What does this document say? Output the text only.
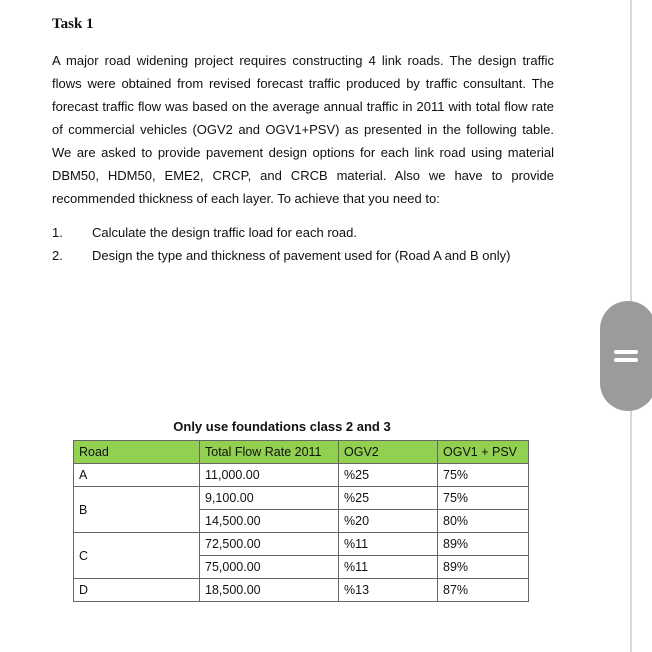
Task 1

A major road widening project requires constructing 4 link roads. The design traffic flows were obtained from revised forecast traffic produced by traffic consultant. The forecast traffic flow was based on the average annual traffic in 2011 with total flow rate of commercial vehicles (OGV2 and OGV1+PSV) as presented in the following table. We are asked to provide pavement design options for each link road using material DBM50, HDM50, EME2, CRCP, and CRCB material. Also we have to provide recommended thickness of each layer. To achieve that you need to:

1. Calculate the design traffic load for each road.
2. Design the type and thickness of pavement used for (Road A and B only)
Only use foundations class 2 and 3
Road	Total Flow Rate 2011	OGV2	OGV1 + PSV
A	11,000.00	%25	75%
B	9,100.00	%25	75%
	14,500.00	%20	80%
C	72,500.00	%11	89%
	75,000.00	%11	89%
D	18,500.00	%13	87%
